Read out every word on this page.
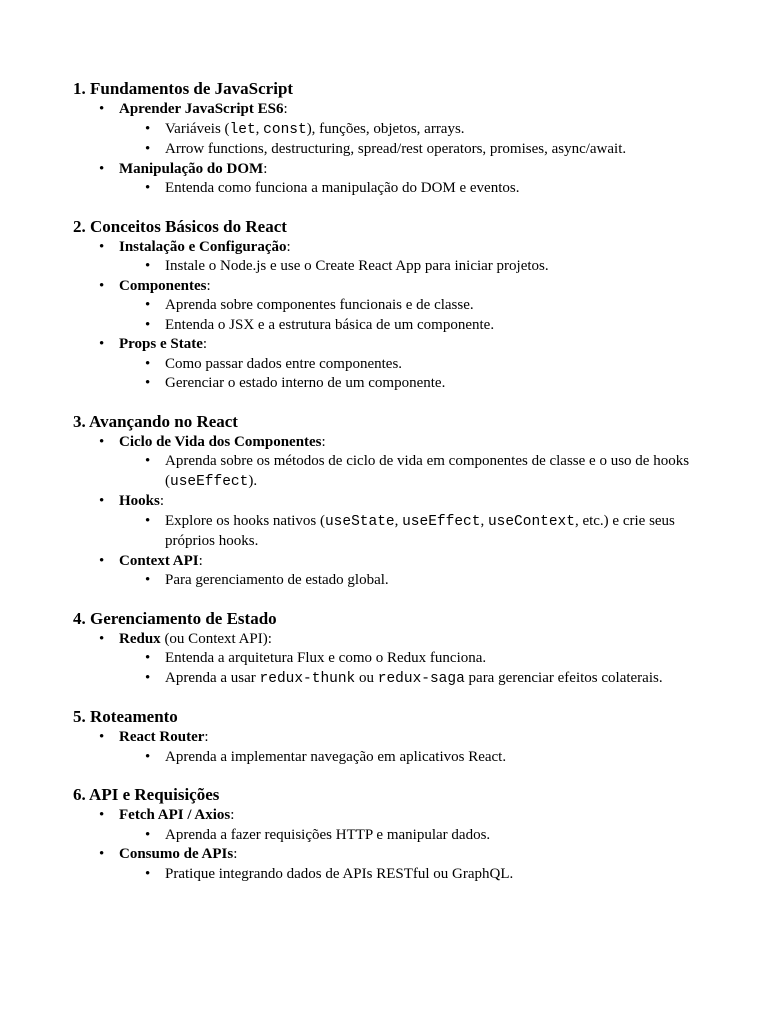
1. Fundamentos de JavaScript
• Aprender JavaScript ES6:
• Variáveis (let, const), funções, objetos, arrays.
• Arrow functions, destructuring, spread/rest operators, promises, async/await.
• Manipulação do DOM:
• Entenda como funciona a manipulação do DOM e eventos.
2. Conceitos Básicos do React
• Instalação e Configuração:
• Instale o Node.js e use o Create React App para iniciar projetos.
• Componentes:
• Aprenda sobre componentes funcionais e de classe.
• Entenda o JSX e a estrutura básica de um componente.
• Props e State:
• Como passar dados entre componentes.
• Gerenciar o estado interno de um componente.
3. Avançando no React
• Ciclo de Vida dos Componentes:
• Aprenda sobre os métodos de ciclo de vida em componentes de classe e o uso de hooks (useEffect).
• Hooks:
• Explore os hooks nativos (useState, useEffect, useContext, etc.) e crie seus próprios hooks.
• Context API:
• Para gerenciamento de estado global.
4. Gerenciamento de Estado
• Redux (ou Context API):
• Entenda a arquitetura Flux e como o Redux funciona.
• Aprenda a usar redux-thunk ou redux-saga para gerenciar efeitos colaterais.
5. Roteamento
• React Router:
• Aprenda a implementar navegação em aplicativos React.
6. API e Requisições
• Fetch API / Axios:
• Aprenda a fazer requisições HTTP e manipular dados.
• Consumo de APIs:
• Pratique integrando dados de APIs RESTful ou GraphQL.
